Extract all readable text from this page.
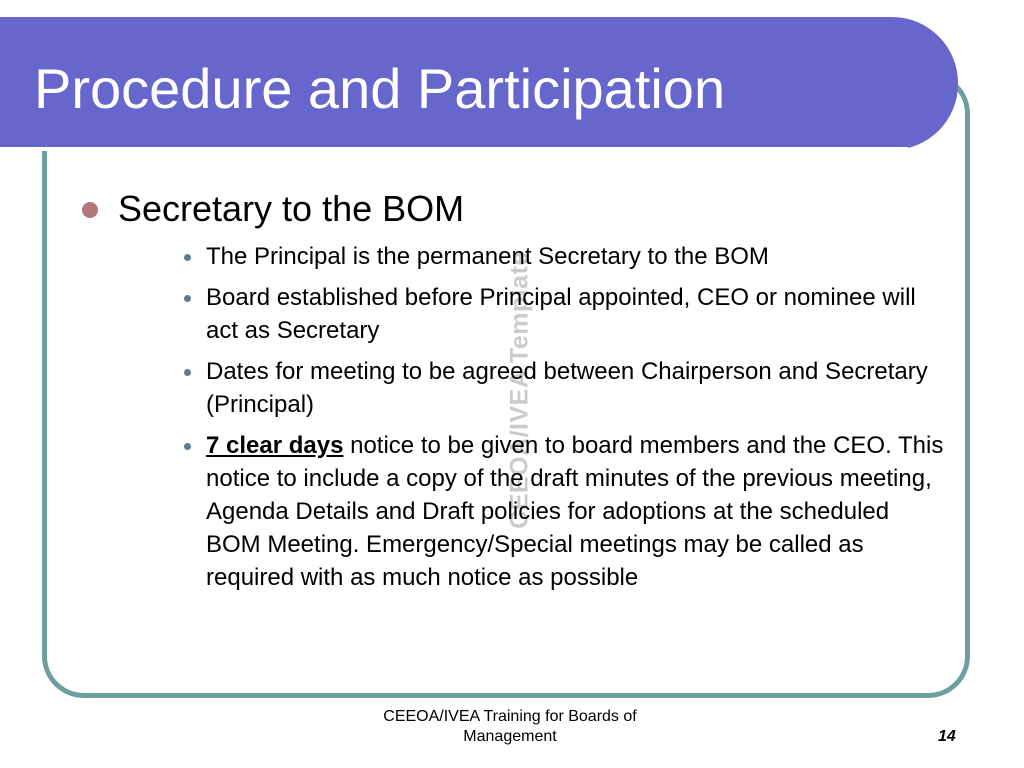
Procedure and Participation
CEEOA/IVEA Template
Secretary to the BOM
The Principal is the permanent Secretary to the BOM
Board established before Principal appointed, CEO or nominee will act as Secretary
Dates for meeting to be agreed between Chairperson and Secretary (Principal)
7 clear days notice to be given to board members and the CEO. This notice to include a copy of the draft minutes of the previous meeting, Agenda Details and Draft policies for adoptions at the scheduled BOM Meeting. Emergency/Special meetings may be called as required with as much notice as possible
CEEOA/IVEA Training for Boards of Management	14
